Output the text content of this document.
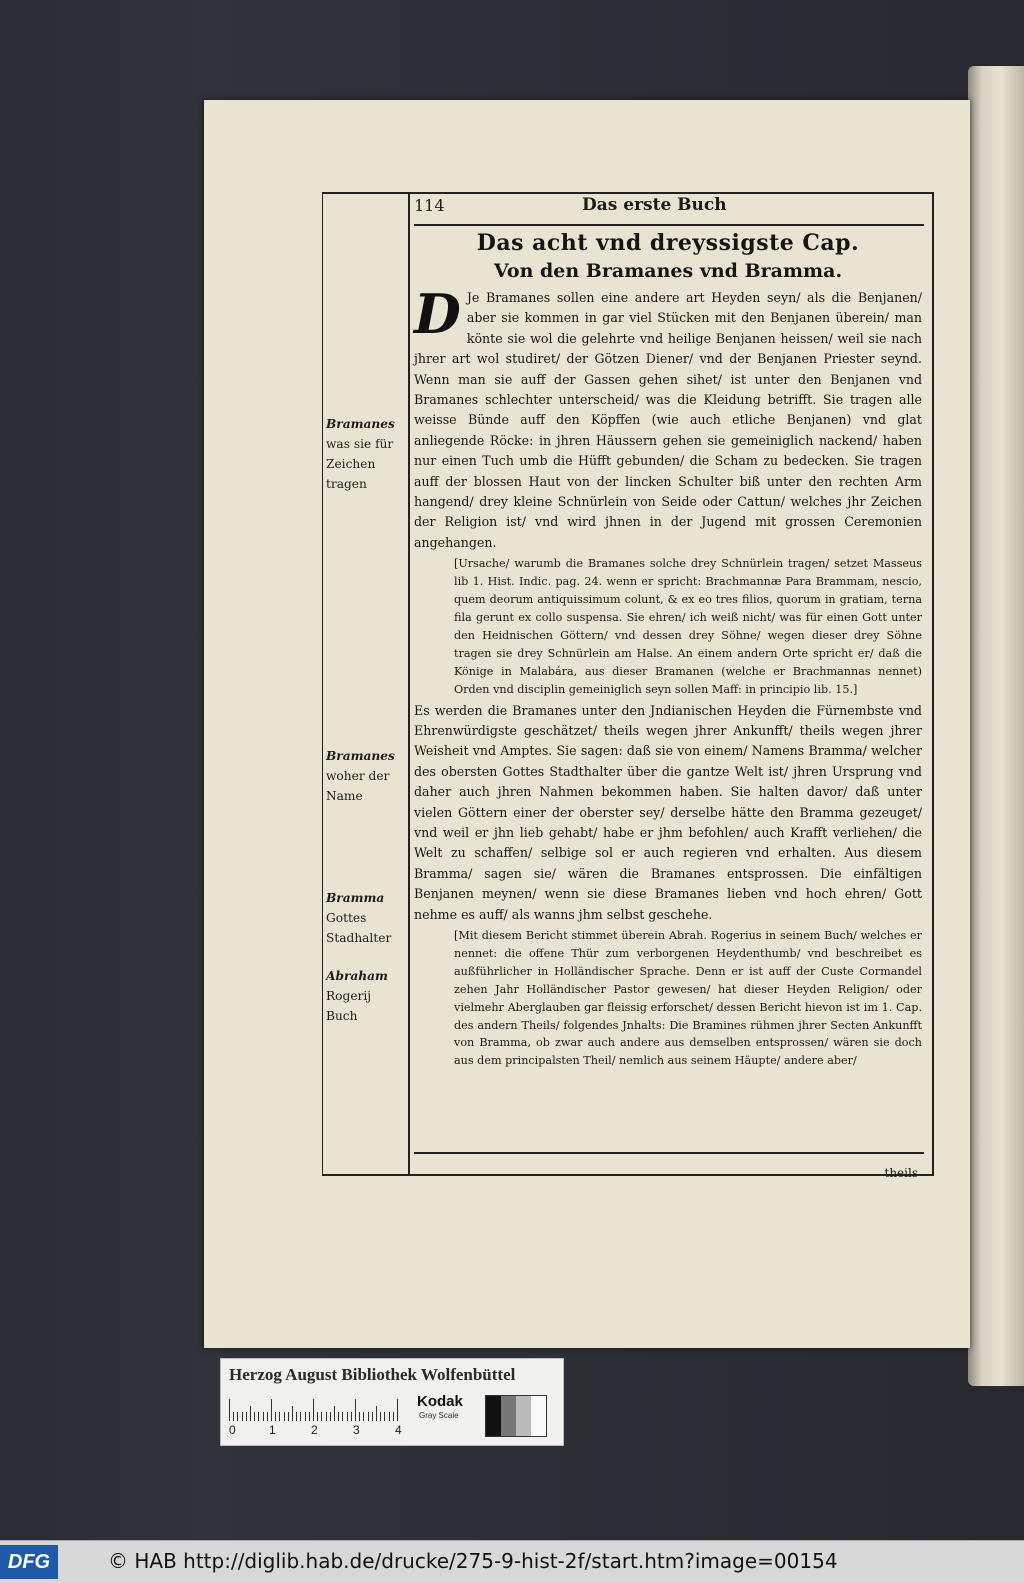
114	Das erste Buch
Bramanes
was sie für Zeichen tragen
Bramanes
woher der Name
Bramma
Gottes Stadhalter
Abraham
Rogerij Buch
Das acht vnd dreyssigste Cap.
Von den Bramanes vnd Bramma.

D Je Bramanes sollen eine andere art Heyden seyn/ als die Benjanen/ aber sie kommen in gar viel Stücken mit den Benjanen überein/ man könte sie wol die gelehrte vnd heilige Benjanen heissen/ weil sie nach jhrer art wol studiret/ der Götzen Diener/ vnd der Benjanen Priester seynd. Wenn man sie auff der Gassen gehen sihet/ ist unter den Benjanen vnd Bramanes schlechter unterscheid/ was die Kleidung betrifft. Sie tragen alle weisse Bünde auff den Köpffen (wie auch etliche Benjanen) vnd glat anliegende Röcke: in jhren Häussern gehen sie gemeiniglich nackend/ haben nur einen Tuch umb die Hüfft gebunden/ die Scham zu bedecken. Sie tragen auff der blossen Haut von der lincken Schulter biß unter den rechten Arm hangend/ drey kleine Schnürlein von Seide oder Cattun/ welches jhr Zeichen der Religion ist/ vnd wird jhnen in der Jugend mit grossen Ceremonien angehangen.

[Ursache/ warumb die Bramanes solche drey Schnürlein tragen/ setzet Masseus lib 1. Hist. Indic. pag. 24. wenn er spricht: Brachmannæ Para Brammam, nescio, quem deorum antiquissimum colunt, & ex eo tres filios, quorum in gratiam, terna fila gerunt ex collo suspensa. Sie ehren/ ich weiß nicht/ was für einen Gott unter den Heidnischen Göttern/ vnd dessen drey Söhne/ wegen dieser drey Söhne tragen sie drey Schnürlein am Halse. An einem andern Orte spricht er/ daß die Könige in Malabára, aus dieser Bramanen (welche er Brachmannas nennet) Orden vnd disciplin gemeiniglich seyn sollen Maff: in principio lib. 15.]

Es werden die Bramanes unter den Jndianischen Heyden die Fürnembste vnd Ehrenwürdigste geschätzet/ theils wegen jhrer Ankunfft/ theils wegen jhrer Weisheit vnd Amptes. Sie sagen: daß sie von einem/ Namens Bramma/ welcher des obersten Gottes Stadthalter über die gantze Welt ist/ jhren Ursprung vnd daher auch jhren Nahmen bekommen haben. Sie halten davor/ daß unter vielen Göttern einer der oberster sey/ derselbe hätte den Bramma gezeuget/ vnd weil er jhn lieb gehabt/ habe er jhm befohlen/ auch Krafft verliehen/ die Welt zu schaffen/ selbige sol er auch regieren vnd erhalten. Aus diesem Bramma/ sagen sie/ wären die Bramanes entsprossen. Die einfältigen Benjanen meynen/ wenn sie diese Bramanes lieben vnd hoch ehren/ Gott nehme es auff/ als wanns jhm selbst geschehe.

[Mit diesem Bericht stimmet überein Abrah. Rogerius in seinem Buch/ welches er nennet: die offene Thür zum verborgenen Heydenthumb/ vnd beschreibet es außführlicher in Holländischer Sprache. Denn er ist auff der Custe Cormandel zehen Jahr Holländischer Pastor gewesen/ hat dieser Heyden Religion/ oder vielmehr Aberglauben gar fleissig erforschet/ dessen Bericht hievon ist im 1. Cap. des andern Theils/ folgendes Jnhalts: Die Bramines rühmen jhrer Secten Ankunfft von Bramma, ob zwar auch andere aus demselben entsprossen/ wären sie doch aus dem principalsten Theil/ nemlich aus seinem Häupte/ andere aber/

theils
Herzog August Bibliothek Wolfenbüttel
0	1	2	3	4
Kodak
Gray Scale
DFG	© HAB http://diglib.hab.de/drucke/275-9-hist-2f/start.htm?image=00154
